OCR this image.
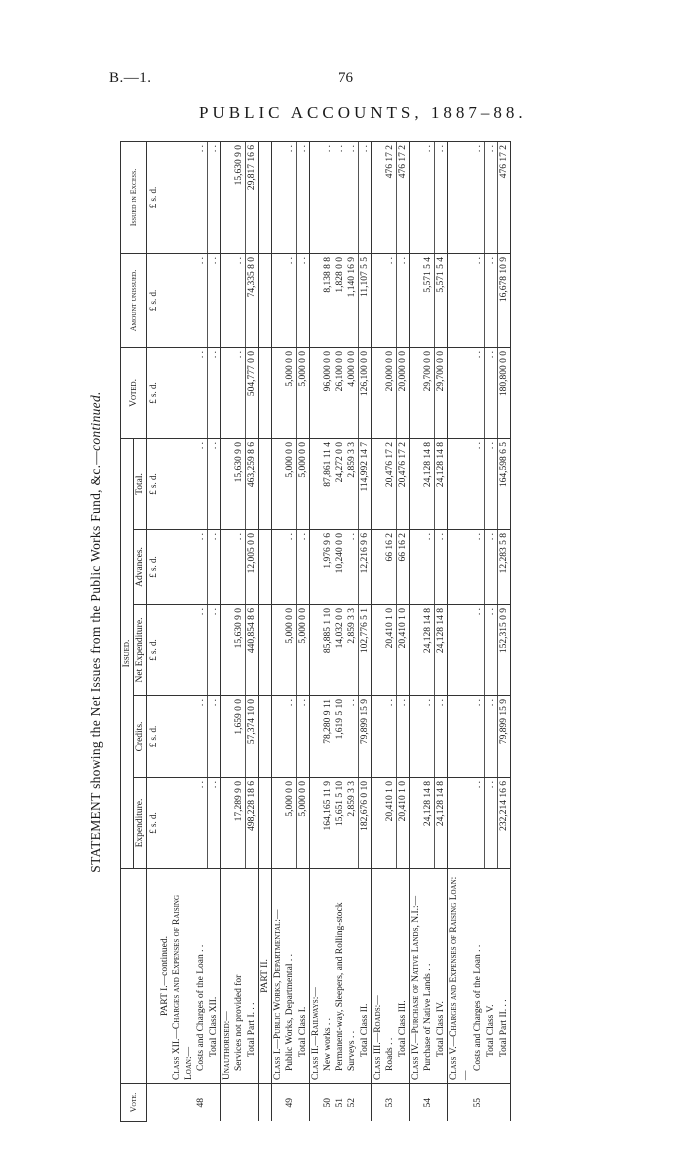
B.—1.	76
PUBLIC ACCOUNTS, 1887–88.
STATEMENT showing the Net Issues from the Public Works Fund, &c.—continued.
Vote.		Issued.					Voted.	Amount unissued.	Issued in Excess.
		Expenditure.	Credits.	Net Expenditure.	Advances.	Total.			
		£ s. d.	£ s. d.	£ s. d.	£ s. d.	£ s. d.	£ s. d.	£ s. d.	£ s. d.
	PART I.—continued.								
	Class XII.—Charges and Expenses of Raising Loan:—								
48	Costs and Charges of the Loan . .	. .	. .	. .	. .	. .	. .	. .	. .
	Total Class XII.	. .	. .	. .	. .	. .	. .	. .	. .
	Unauthorised:—								
	Services not provided for	17,289 9 0	1,659 0 0	15,630 9 0	. .	15,630 9 0	. .	. .	15,630 9 0
	Total Part I. . .	498,228 18 6	57,374 10 0	440,854 8 6	12,005 0 0	463,259 8 6	504,777 0 0	74,335 8 0	29,817 16 6
	PART II.								
	Class I.—Public Works, Departmental:—								
49	Public Works, Departmental . .	5,000 0 0	. .	5,000 0 0	. .	5,000 0 0	5,000 0 0	. .	. .
	Total Class I.	5,000 0 0	. .	5,000 0 0	. .	5,000 0 0	5,000 0 0	. .	. .
	Class II.—Railways:—								
50	New works . .	164,165 11 9	78,280 9 11	85,885 1 10	1,976 9 6	87,861 11 4	96,000 0 0	8,138 8 8	. .
51	Permanent-way, Sleepers, and Rolling-stock	15,651 5 10	1,619 5 10	14,032 0 0	10,240 0 0	24,272 0 0	26,100 0 0	1,828 0 0	. .
52	Surveys . .	2,859 3 3	. .	2,859 3 3	. .	2,859 3 3	4,000 0 0	1,140 16 9	. .
	Total Class II.	182,676 0 10	79,899 15 9	102,776 5 1	12,216 9 6	114,992 14 7	126,100 0 0	11,107 5 5	. .
	Class III.—Roads:—								
53	Roads . .	20,410 1 0	. .	20,410 1 0	66 16 2	20,476 17 2	20,000 0 0	. .	476 17 2
	Total Class III.	20,410 1 0	. .	20,410 1 0	66 16 2	20,476 17 2	20,000 0 0	. .	476 17 2
	Class IV.—Purchase of Native Lands, N.I.:—								
54	Purchase of Native Lands . .	24,128 14 8	. .	24,128 14 8	. .	24,128 14 8	29,700 0 0	5,571 5 4	. .
	Total Class IV.	24,128 14 8	. .	24,128 14 8	. .	24,128 14 8	29,700 0 0	5,571 5 4	. .
	Class V.—Charges and Expenses of Raising Loan:—								
55	Costs and Charges of the Loan . .	. .	. .	. .	. .	. .	. .	. .	. .
	Total Class V.	. .	. .	. .	. .	. .	. .	. .	. .
	Total Part II. . .	232,214 16 6	79,899 15 9	152,315 0 9	12,283 5 8	164,598 6 5	180,800 0 0	16,678 10 9	476 17 2
